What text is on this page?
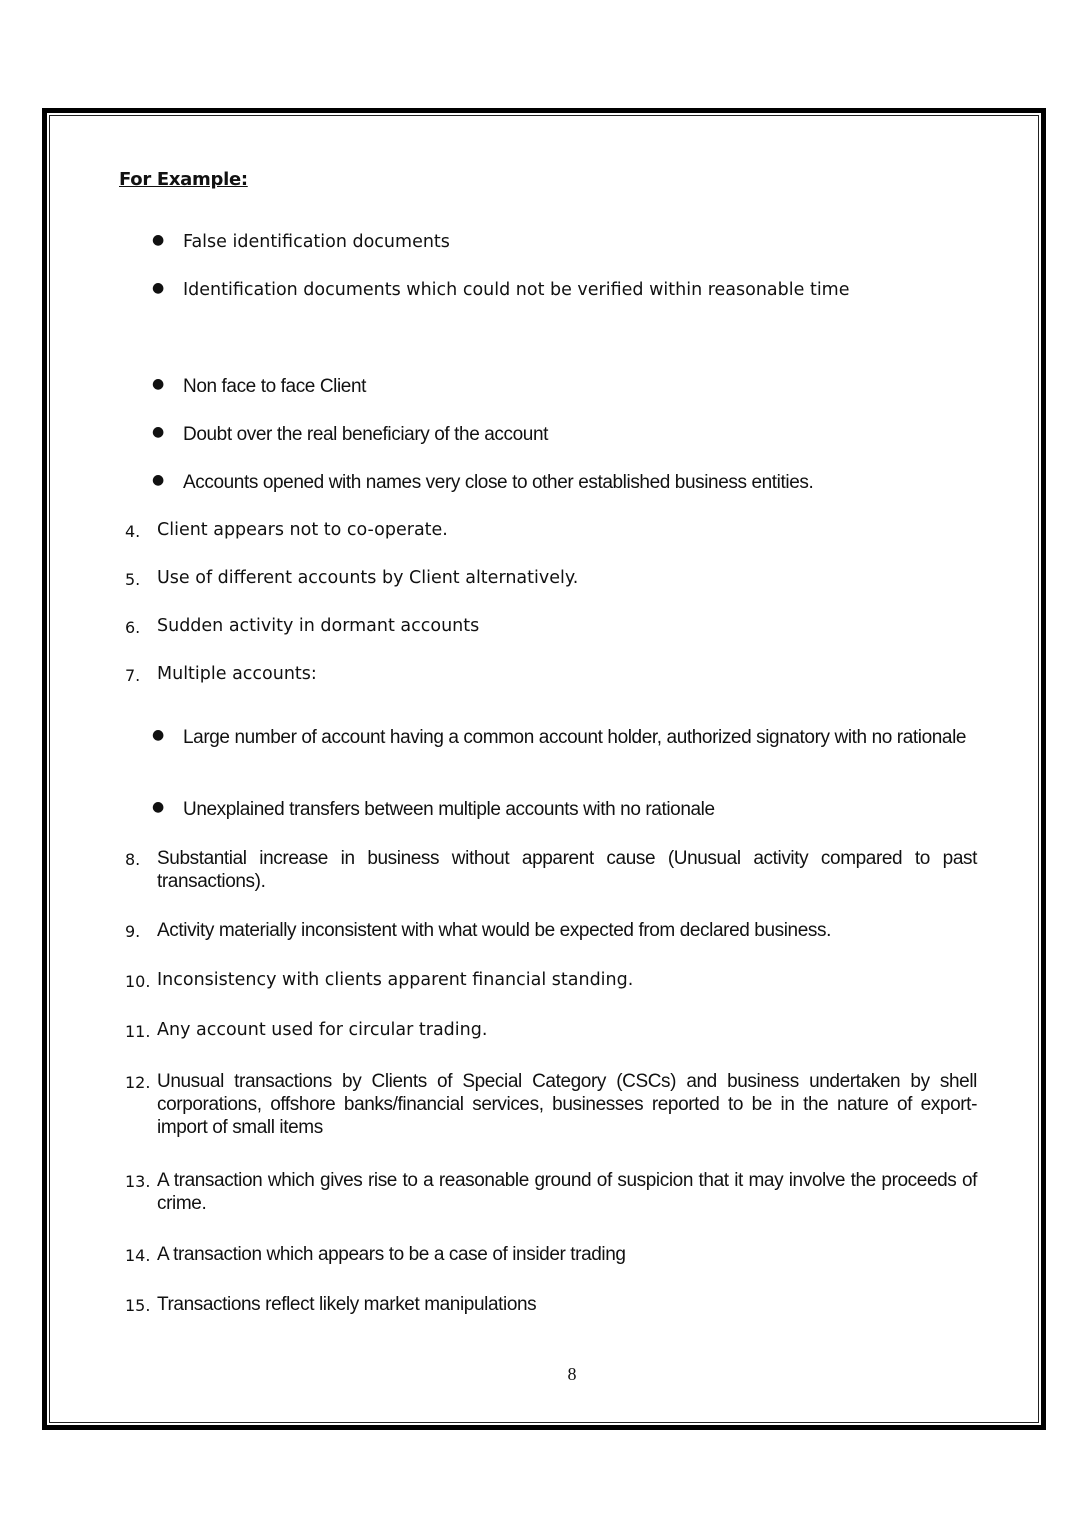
For Example:
● False identification documents
● Identification documents which could not be verified within reasonable time
● Non face to face Client
● Doubt over the real beneficiary of the account
● Accounts opened with names very close to other established business entities.
4. Client appears not to co-operate.
5. Use of different accounts by Client alternatively.
6. Sudden activity in dormant accounts
7. Multiple accounts:
● Large number of account having a common account holder, authorized signatory with no rationale
● Unexplained transfers between multiple accounts with no rationale
8. Substantial increase in business without apparent cause (Unusual activity compared to past transactions).
9. Activity materially inconsistent with what would be expected from declared business.
10. Inconsistency with clients apparent financial standing.
11. Any account used for circular trading.
12. Unusual transactions by Clients of Special Category (CSCs) and business undertaken by shell corporations, offshore banks/financial services, businesses reported to be in the nature of export-import of small items
13. A transaction which gives rise to a reasonable ground of suspicion that it may involve the proceeds of crime.
14. A transaction which appears to be a case of insider trading
15. Transactions reflect likely market manipulations
8
